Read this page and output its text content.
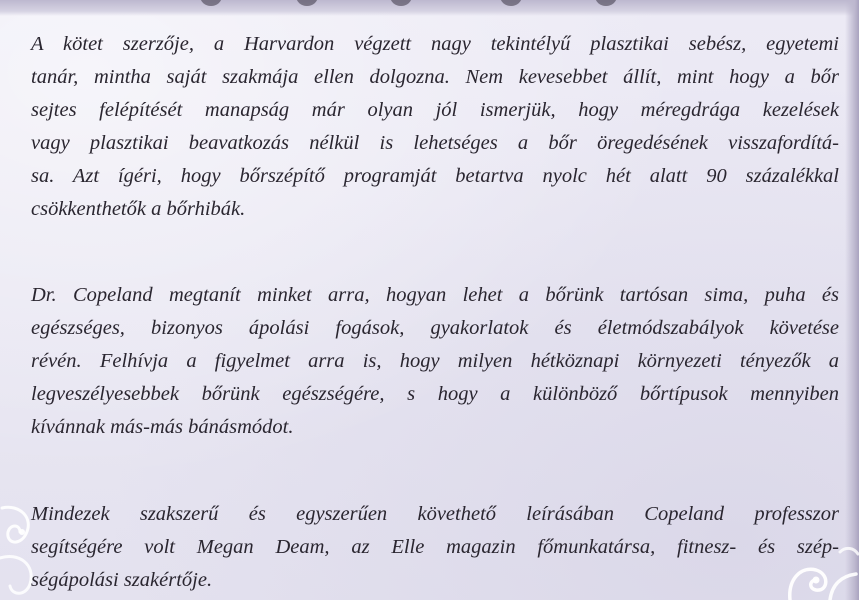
A kötet szerzője, a Harvardon végzett nagy tekintélyű plasztikai sebész, egyetemi
tanár, mintha saját szakmája ellen dolgozna. Nem kevesebbet állít, mint hogy a bőr
sejtes felépítését manapság már olyan jól ismerjük, hogy méregdrága kezelések
vagy plasztikai beavatkozás nélkül is lehetséges a bőr öregedésének visszafordítá-
sa. Azt ígéri, hogy bőrszépítő programját betartva nyolc hét alatt 90 százalékkal
csökkenthetők a bőrhibák.
Dr. Copeland megtanít minket arra, hogyan lehet a bőrünk tartósan sima, puha és
egészséges, bizonyos ápolási fogások, gyakorlatok és életmódszabályok követése
révén. Felhívja a figyelmet arra is, hogy milyen hétköznapi környezeti tényezők a
legveszélyesebbek bőrünk egészségére, s hogy a különböző bőrtípusok mennyiben
kívánnak más-más bánásmódot.
Mindezek szakszerű és egyszerűen követhető leírásában Copeland professzor
segítségére volt Megan Deam, az Elle magazin főmunkatársa, fitnesz- és szép-
ségápolási szakértője.
